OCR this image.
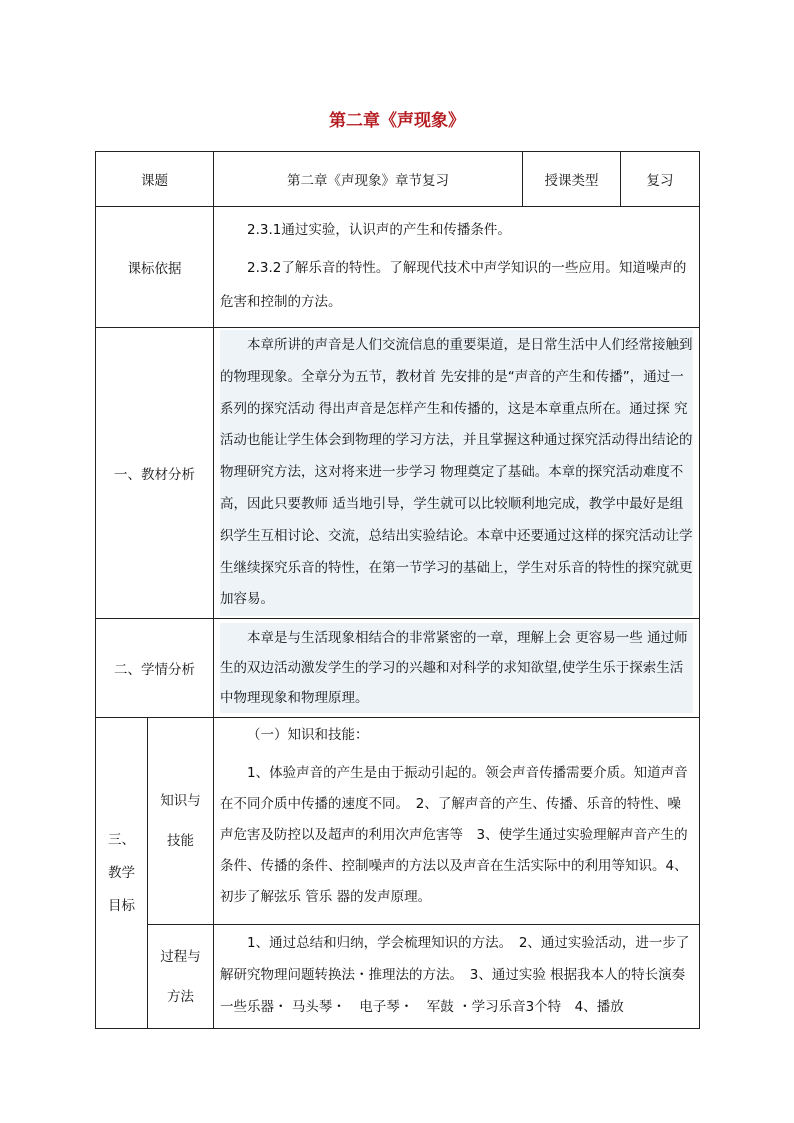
第二章《声现象》
课题		第二章《声现象》章节复习	授课类型	复习
课标依据		2.3.1通过实验，认识声的产生和传播条件。

2.3.2了解乐音的特性。了解现代技术中声学知识的一些应用。知道噪声的危害和控制的方法。		

一、教材分析		本章所讲的声音是人们交流信息的重要渠道，是日常生活中人们经常接触到的物理现象。全章分为五节，教材首 先安排的是“声音的产生和传播”，通过一系列的探究活动 得出声音是怎样产生和传播的，这是本章重点所在。通过探 究活动也能让学生体会到物理的学习方法，并且掌握这种通过探究活动得出结论的物理研究方法，这对将来进一步学习 物理奠定了基础。本章的探究活动难度不高，因此只要教师 适当地引导，学生就可以比较顺利地完成，教学中最好是组 织学生互相讨论、交流，总结出实验结论。本章中还要通过这样的探究活动让学生继续探究乐音的特性，在第一节学习的基础上，学生对乐音的特性的探究就更加容易。		

二、学情分析		本章是与生活现象相结合的非常紧密的一章，理解上会 更容易一些 通过师生的双边活动激发学生的学习的兴趣和对科学的求知欲望,使学生乐于探索生活中物理现象和物理原理。		

三、教学目标	知识与技能	（一）知识和技能：

1、体验声音的产生是由于振动引起的。领会声音传播需要介质。知道声音在不同介质中传播的速度不同。　2、了解声音的产生、传播、乐音的特性、噪声危害及防控以及超声的利用次声危害等　3、使学生通过实验理解声音产生的条件、传播的条件、控制噪声的方法以及声音在生活实际中的利用等知识。4、初步了解弦乐 管乐 器的发声原理。		

	过程与方法	1、通过总结和归纳，学会梳理知识的方法。　2、通过实验活动，进一步了解研究物理问题转换法・推理法的方法。　3、通过实验 根据我本人的特长演奏一些乐器・ 马头琴・　电子琴・　军鼓 ・学习乐音3个特　4、播放		
